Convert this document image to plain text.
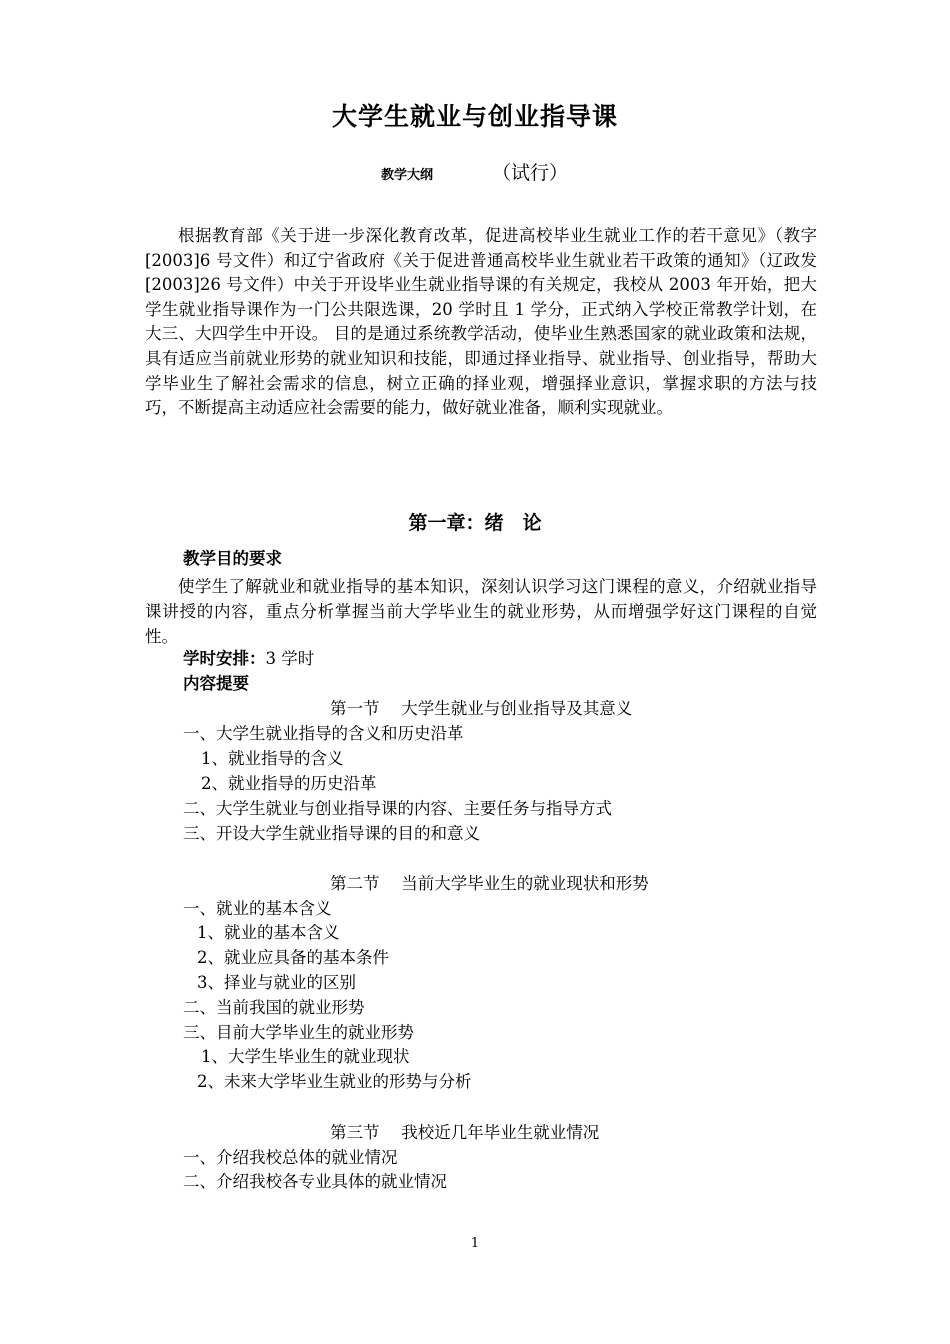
大学生就业与创业指导课
教学大纲	（试行）
根据教育部《关于进一步深化教育改革，促进高校毕业生就业工作的若干意见》（教字[2003]6 号文件）和辽宁省政府《关于促进普通高校毕业生就业若干政策的通知》（辽政发[2003]26 号文件）中关于开设毕业生就业指导课的有关规定，我校从 2003 年开始，把大学生就业指导课作为一门公共限选课，20 学时且 1 学分，正式纳入学校正常教学计划，在大三、大四学生中开设。 目的是通过系统教学活动，使毕业生熟悉国家的就业政策和法规，具有适应当前就业形势的就业知识和技能，即通过择业指导、就业指导、创业指导，帮助大学毕业生了解社会需求的信息，树立正确的择业观，增强择业意识，掌握求职的方法与技巧，不断提高主动适应社会需要的能力，做好就业准备，顺利实现就业。
第一章：绪　论
教学目的要求
使学生了解就业和就业指导的基本知识，深刻认识学习这门课程的意义，介绍就业指导课讲授的内容，重点分析掌握当前大学毕业生的就业形势，从而增强学好这门课程的自觉性。
学时安排：3 学时
内容提要
第一节　 大学生就业与创业指导及其意义
一、大学生就业指导的含义和历史沿革
1、就业指导的含义
2、就业指导的历史沿革
二、大学生就业与创业指导课的内容、主要任务与指导方式
三、开设大学生就业指导课的目的和意义
第二节　 当前大学毕业生的就业现状和形势
一、就业的基本含义
1、就业的基本含义
2、就业应具备的基本条件
3、择业与就业的区别
二、当前我国的就业形势
三、目前大学毕业生的就业形势
1、大学生毕业生的就业现状
2、未来大学毕业生就业的形势与分析
第三节　 我校近几年毕业生就业情况
一、介绍我校总体的就业情况
二、介绍我校各专业具体的就业情况
1
